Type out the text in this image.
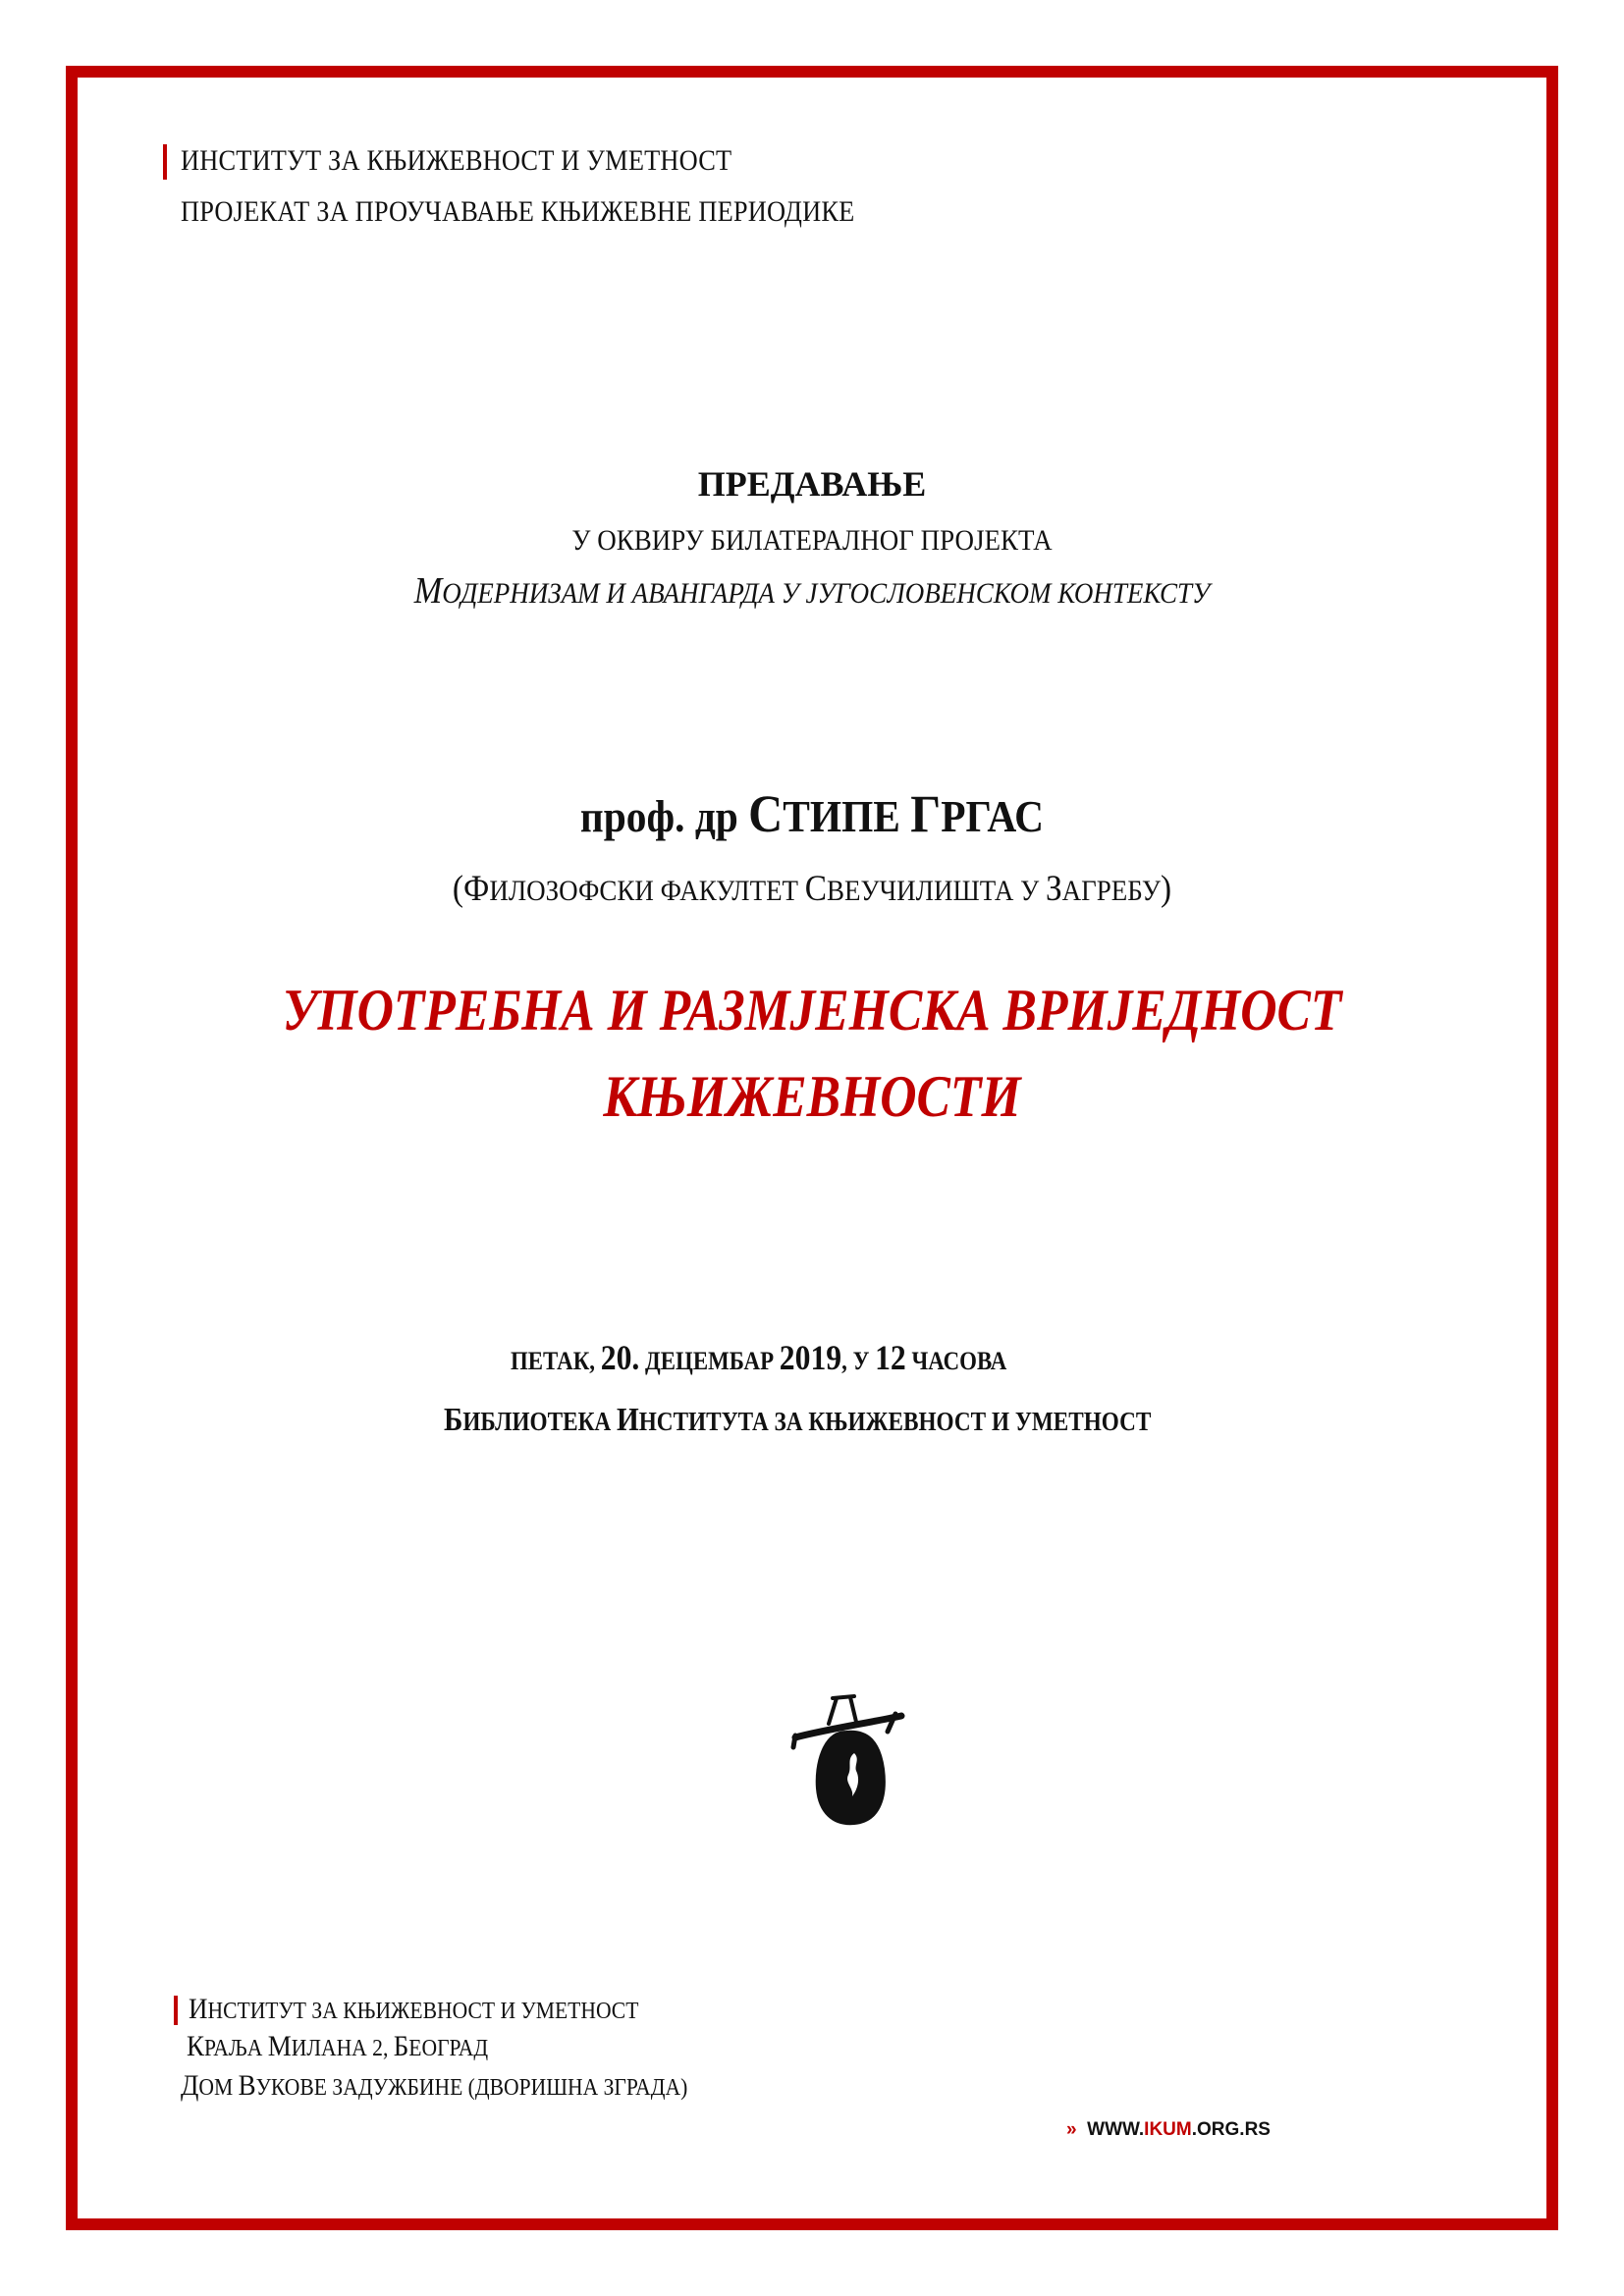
ИНСТИТУТ ЗА КЊИЖЕВНОСТ И УМЕТНОСТ
ПРОЈЕКАТ ЗА ПРОУЧАВАЊЕ КЊИЖЕВНЕ ПЕРИОДИКЕ
ПРЕДАВАЊЕ
У ОКВИРУ БИЛАТЕРАЛНОГ ПРОЈЕКТА
МОДЕРНИЗАМ И АВАНГАРДА У ЈУГОСЛОВЕНСКОМ КОНТЕКСТУ
проф. др СТИПЕ ГРГАС
(ФИЛОЗОФСКИ ФАКУЛТЕТ СВЕУЧИЛИШТА У ЗАГРЕБУ)
УПОТРЕБНА И РАЗМЈЕНСКА ВРИЈЕДНОСТ
КЊИЖЕВНОСТИ
ПЕТАК, 20. ДЕЦЕМБАР 2019, У 12 ЧАСОВА
БИБЛИОТЕКА ИНСТИТУТА ЗА КЊИЖЕВНОСТ И УМЕТНОСТ
ИНСТИТУТ ЗА КЊИЖЕВНОСТ И УМЕТНОСТ
КРАЉА МИЛАНА 2, БЕОГРАД
ДОМ ВУКОВЕ ЗАДУЖБИНЕ (ДВОРИШНА ЗГРАДА)
» WWW.IKUM.ORG.RS
